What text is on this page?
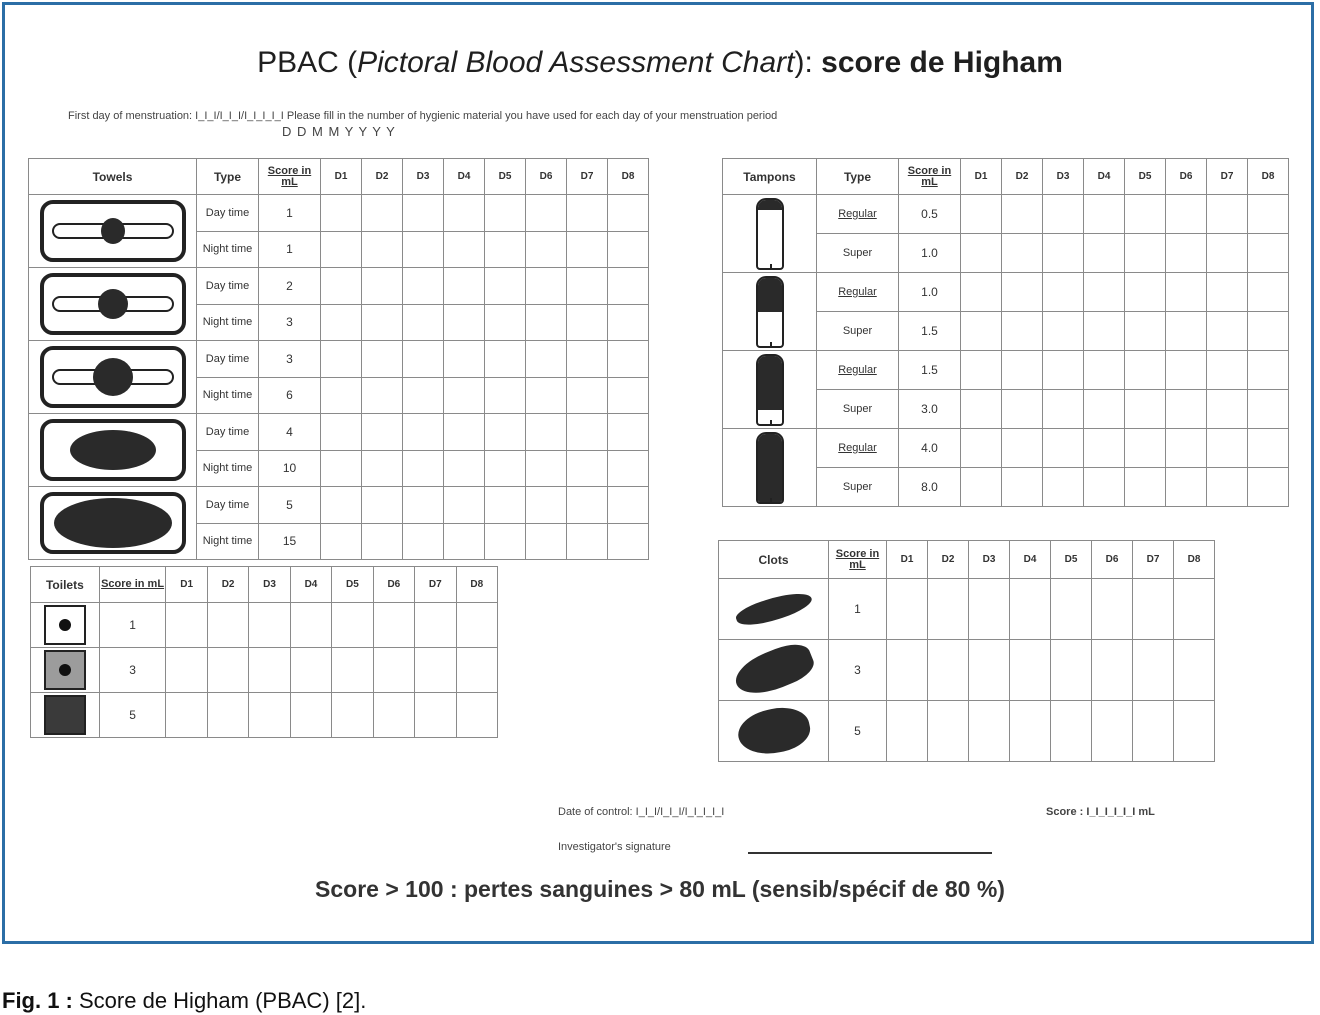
PBAC (Pictoral Blood Assessment Chart): score de Higham
First day of menstruation: I_I_I/I_I_I/I_I_I_I_I Please fill in the number of hygienic material you have used for each day of your menstruation period
D D M M Y Y Y Y
Towels	Type	Score in mL	D1	D2	D3	D4	D5	D6	D7	D8

	Day time	1								

	Night time	1								

	Day time	2								

	Night time	3								

	Day time	3								

	Night time	6								

	Day time	4								

	Night time	10								

	Day time	5								

	Night time	15								
Toilets	Score in mL	D1	D2	D3	D4	D5	D6	D7	D8

	1								

	3								

	5								
Tampons	Type	Score in mL	D1	D2	D3	D4	D5	D6	D7	D8

	Regular	0.5								

	Super	1.0								

	Regular	1.0								

	Super	1.5								

	Regular	1.5								

	Super	3.0								

	Regular	4.0								

	Super	8.0								
Clots	Score in mL	D1	D2	D3	D4	D5	D6	D7	D8

	1								

	3								

	5								
Date of control: I_I_I/I_I_I/I_I_I_I_I	Score : I_I_I_I_I_I mL
Investigator's signature
Score > 100 : pertes sanguines > 80 mL (sensib/spécif de 80 %)
Fig. 1 : Score de Higham (PBAC) [2].
